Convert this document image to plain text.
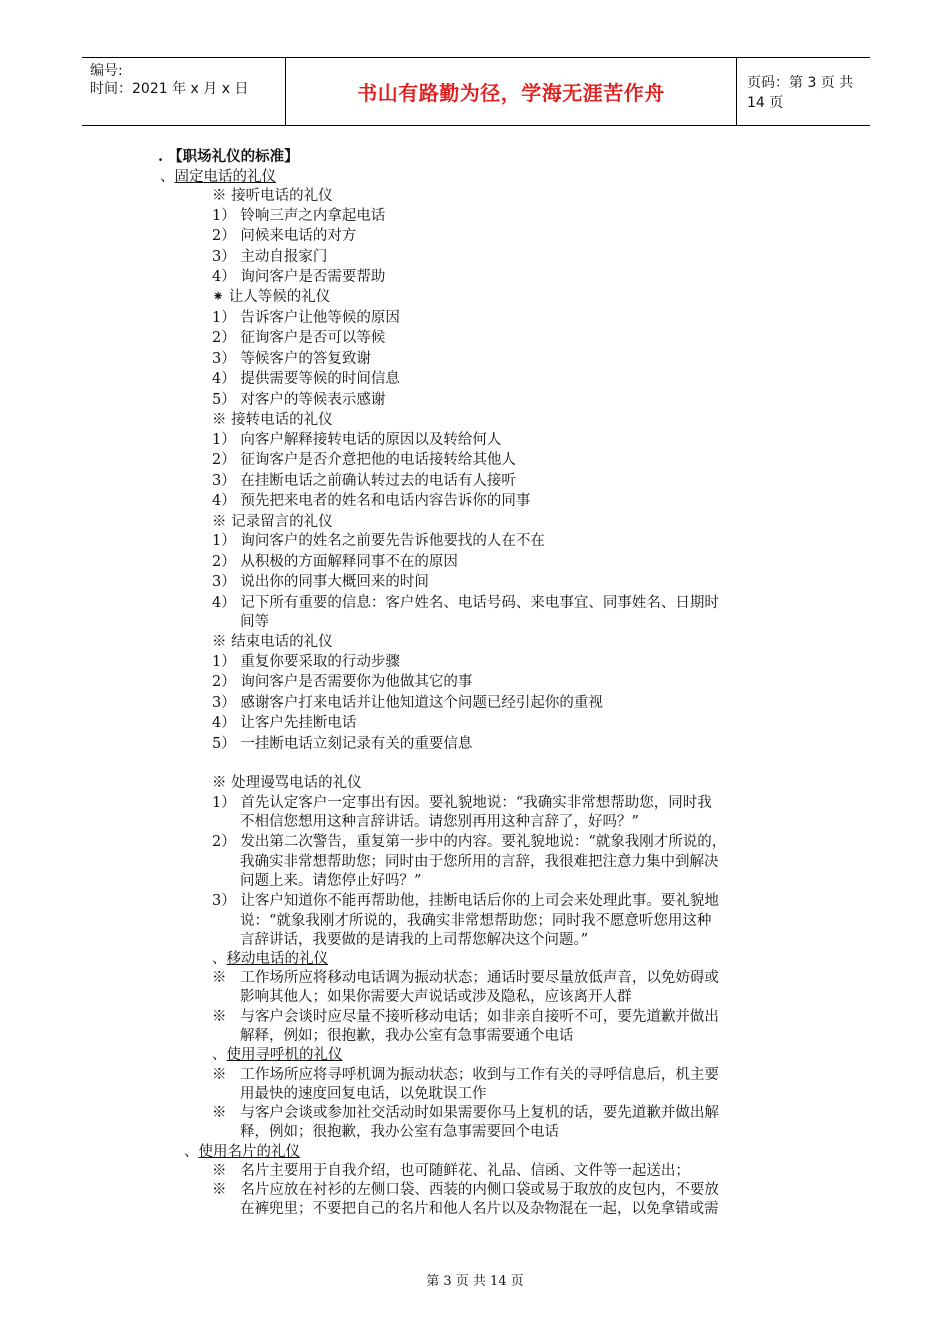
编号:
时间：2021 年 x 月 x 日	书山有路勤为径，学海无涯苦作舟	页码：第 3 页 共 14 页
. 【职场礼仪的标准】
、固定电话的礼仪
※ 接听电话的礼仪
1） 铃响三声之内拿起电话
2） 问候来电话的对方
3） 主动自报家门
4） 询问客户是否需要帮助
⁕ 让人等候的礼仪
1） 告诉客户让他等候的原因
2） 征询客户是否可以等候
3） 等候客户的答复致谢
4） 提供需要等候的时间信息
5） 对客户的等候表示感谢
※ 接转电话的礼仪
1） 向客户解释接转电话的原因以及转给何人
2） 征询客户是否介意把他的电话接转给其他人
3） 在挂断电话之前确认转过去的电话有人接听
4） 预先把来电者的姓名和电话内容告诉你的同事
※ 记录留言的礼仪
1） 询问客户的姓名之前要先告诉他要找的人在不在
2） 从积极的方面解释同事不在的原因
3） 说出你的同事大概回来的时间
4） 记下所有重要的信息：客户姓名、电话号码、来电事宜、同事姓名、日期时
间等
※ 结束电话的礼仪
1） 重复你要采取的行动步骤
2） 询问客户是否需要你为他做其它的事
3） 感谢客户打来电话并让他知道这个问题已经引起你的重视
4） 让客户先挂断电话
5） 一挂断电话立刻记录有关的重要信息
※ 处理谩骂电话的礼仪
1） 首先认定客户一定事出有因。要礼貌地说：“我确实非常想帮助您，同时我
不相信您想用这种言辞讲话。请您别再用这种言辞了，好吗？”
2） 发出第二次警告，重复第一步中的内容。要礼貌地说：“就象我刚才所说的，
我确实非常想帮助您；同时由于您所用的言辞，我很难把注意力集中到解决
问题上来。请您停止好吗？”
3） 让客户知道你不能再帮助他，挂断电话后你的上司会来处理此事。要礼貌地
说：“就象我刚才所说的，我确实非常想帮助您；同时我不愿意听您用这种
言辞讲话，我要做的是请我的上司帮您解决这个问题。”
、移动电话的礼仪
※ 工作场所应将移动电话调为振动状态；通话时要尽量放低声音，以免妨碍或
影响其他人；如果你需要大声说话或涉及隐私，应该离开人群
※ 与客户会谈时应尽量不接听移动电话；如非亲自接听不可，要先道歉并做出
解释，例如；很抱歉，我办公室有急事需要通个电话
、使用寻呼机的礼仪
※ 工作场所应将寻呼机调为振动状态；收到与工作有关的寻呼信息后，机主要
用最快的速度回复电话，以免耽误工作
※ 与客户会谈或参加社交活动时如果需要你马上复机的话，要先道歉并做出解
释，例如；很抱歉，我办公室有急事需要回个电话
、使用名片的礼仪
※ 名片主要用于自我介绍，也可随鲜花、礼品、信函、文件等一起送出；
※ 名片应放在衬衫的左侧口袋、西装的内侧口袋或易于取放的皮包内，不要放
在裤兜里；不要把自己的名片和他人名片以及杂物混在一起，以免拿错或需
第 3 页 共 14 页
